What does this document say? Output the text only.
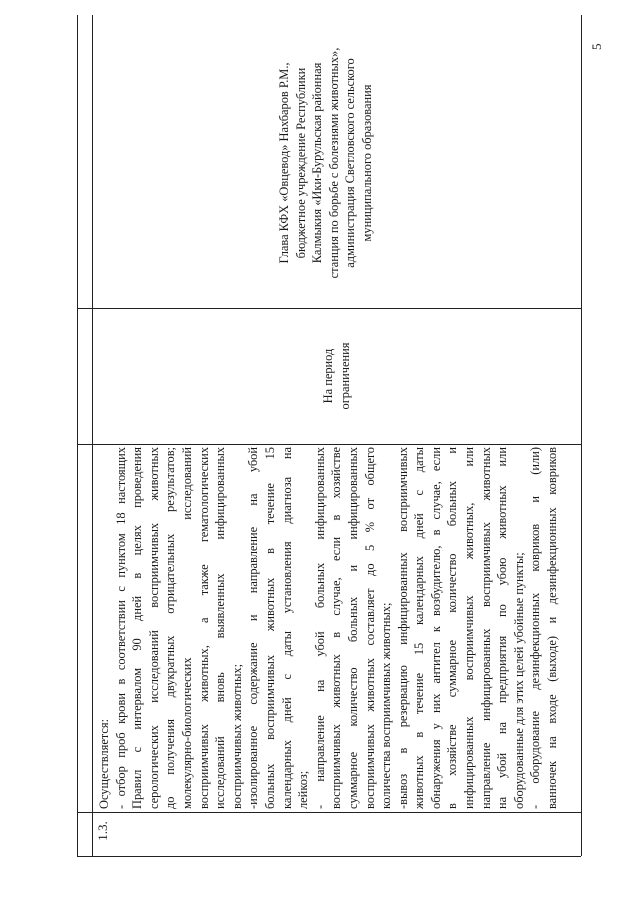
5
1.3.
Осуществляется: - отбор проб крови в соответствии с пунктом 18 настоящих Правил с интервалом 90 дней в целях проведения серологических исследований восприимчивых животных до получения двукратных отрицательных результатов; молекулярно-биологических исследований восприимчивых животных, а также гематологических исследований вновь выявленных инфицированных восприимчивых животных; -изолированное содержание и направление на убой больных восприимчивых животных в течение 15 календарных дней с даты установления диагноза на лейкоз; - направление на убой больных инфицированных восприимчивых животных в случае, если в хозяйстве суммарное количество больных и инфицированных восприимчивых животных составляет до 5 % от общего количества восприимчивых животных; -вывоз в резервацию инфицированных восприимчивых животных в течение 15 календарных дней с даты обнаружения у них антител к возбудителю, в случае, если в хозяйстве суммарное количество больных и инфицированных восприимчивых животных, или направление инфицированных восприимчивых животных на убой на предприятия по убою животных или оборудованные для этих целей убойные пункты; - оборудование дезинфекционных ковриков и (или) ванночек на входе (выходе) и дезинфекционных ковриков
На период ограничения
Глава КФХ «Овцевод» Нахбаров Р.М., бюджетное учреждение Республики Калмыкия «Ики-Бурульская районная станция по борьбе с болезнями животных», администрация Светловского сельского муниципального образования
